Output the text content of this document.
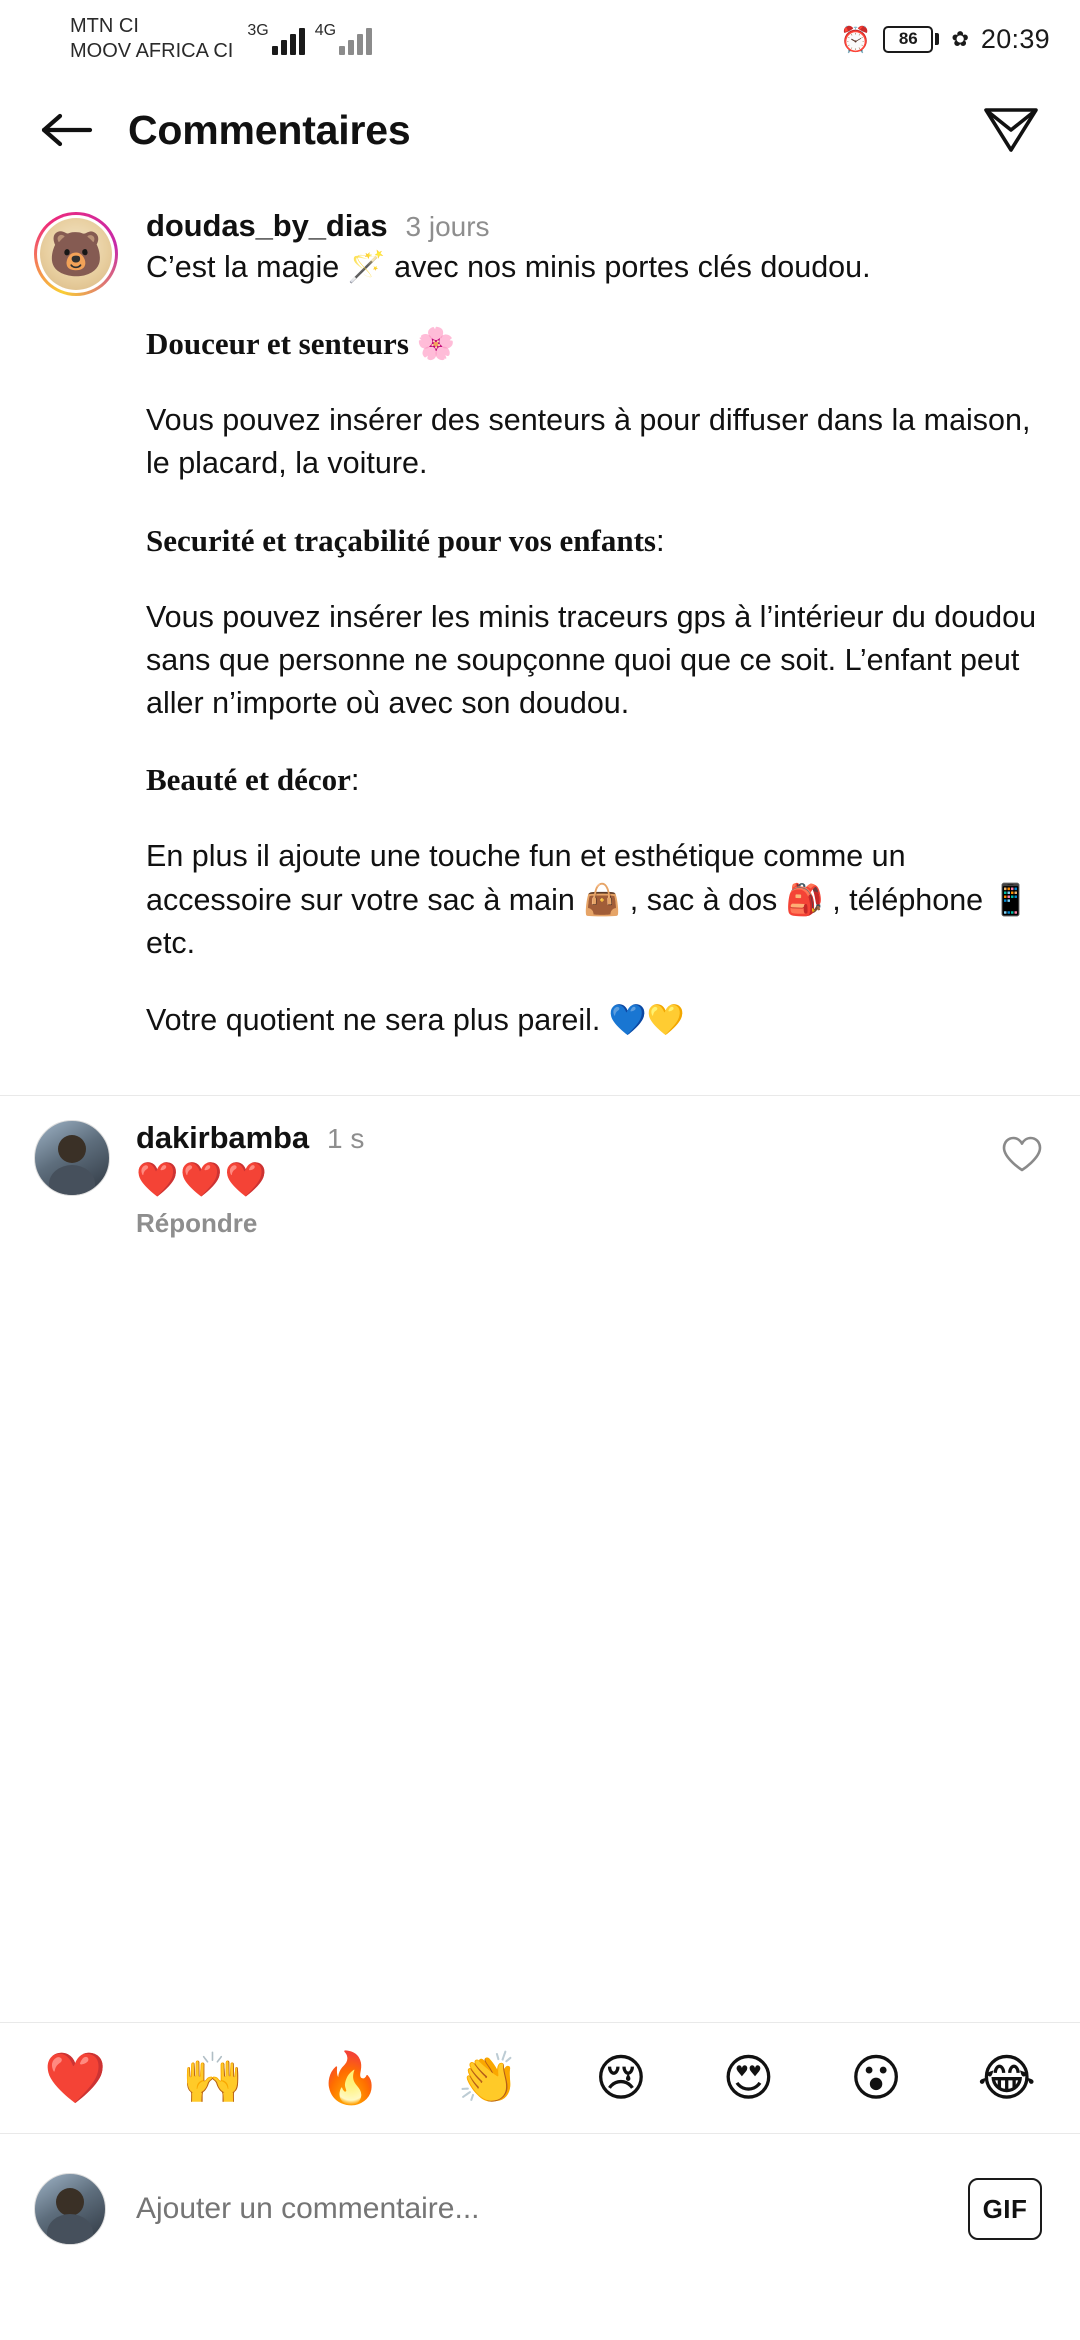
MTN CI
MOOV AFRICA CI
3G	4G	⏰	86	✿ 20:39
Commentaires
🐻
doudas_by_dias 3 jours

C’est la magie 🪄 avec nos minis portes clés doudou.

Douceur et senteurs 🌸

Vous pouvez insérer des senteurs à pour diffuser dans la maison, le placard, la voiture.

Securité et traçabilité pour vos enfants:

Vous pouvez insérer les minis traceurs gps à l’intérieur du doudou sans que personne ne soupçonne quoi que ce soit. L’enfant peut aller n’importe où avec son doudou.

Beauté et décor:

En plus il ajoute une touche fun et esthétique comme un accessoire sur votre sac à main 👜 , sac à dos 🎒 , téléphone 📱 etc.

Votre quotient ne sera plus pareil. 💙💛

dakirbamba 1 s
❤️❤️❤️
Répondre
❤️ 🙌 🔥 👏 😢 😍 😮 😂
Ajouter un commentaire...
GIF
